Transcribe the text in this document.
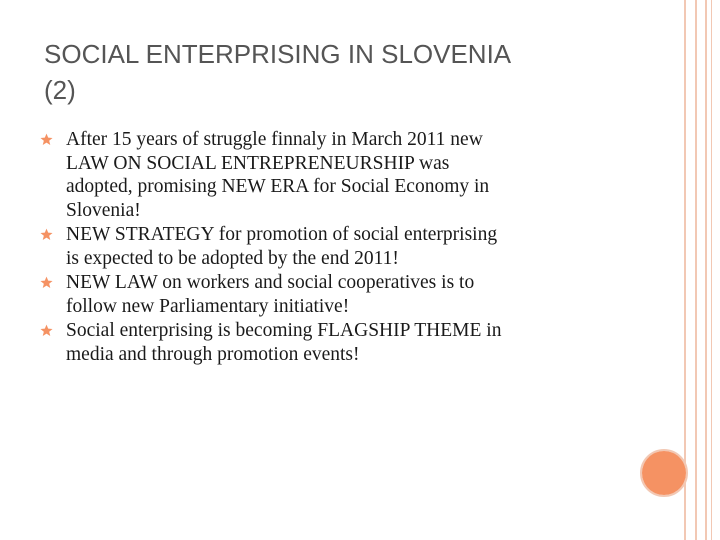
SOCIAL ENTERPRISING IN SLOVENIA
(2)
After 15 years of struggle finnaly in March 2011 new
LAW ON SOCIAL ENTREPRENEURSHIP was
adopted, promising NEW ERA for Social Economy in
Slovenia!
NEW STRATEGY for promotion of social enterprising
is expected to be adopted by the end 2011!
NEW LAW on workers and social cooperatives is to
follow new Parliamentary initiative!
Social enterprising is becoming FLAGSHIP THEME in
media and through promotion events!
